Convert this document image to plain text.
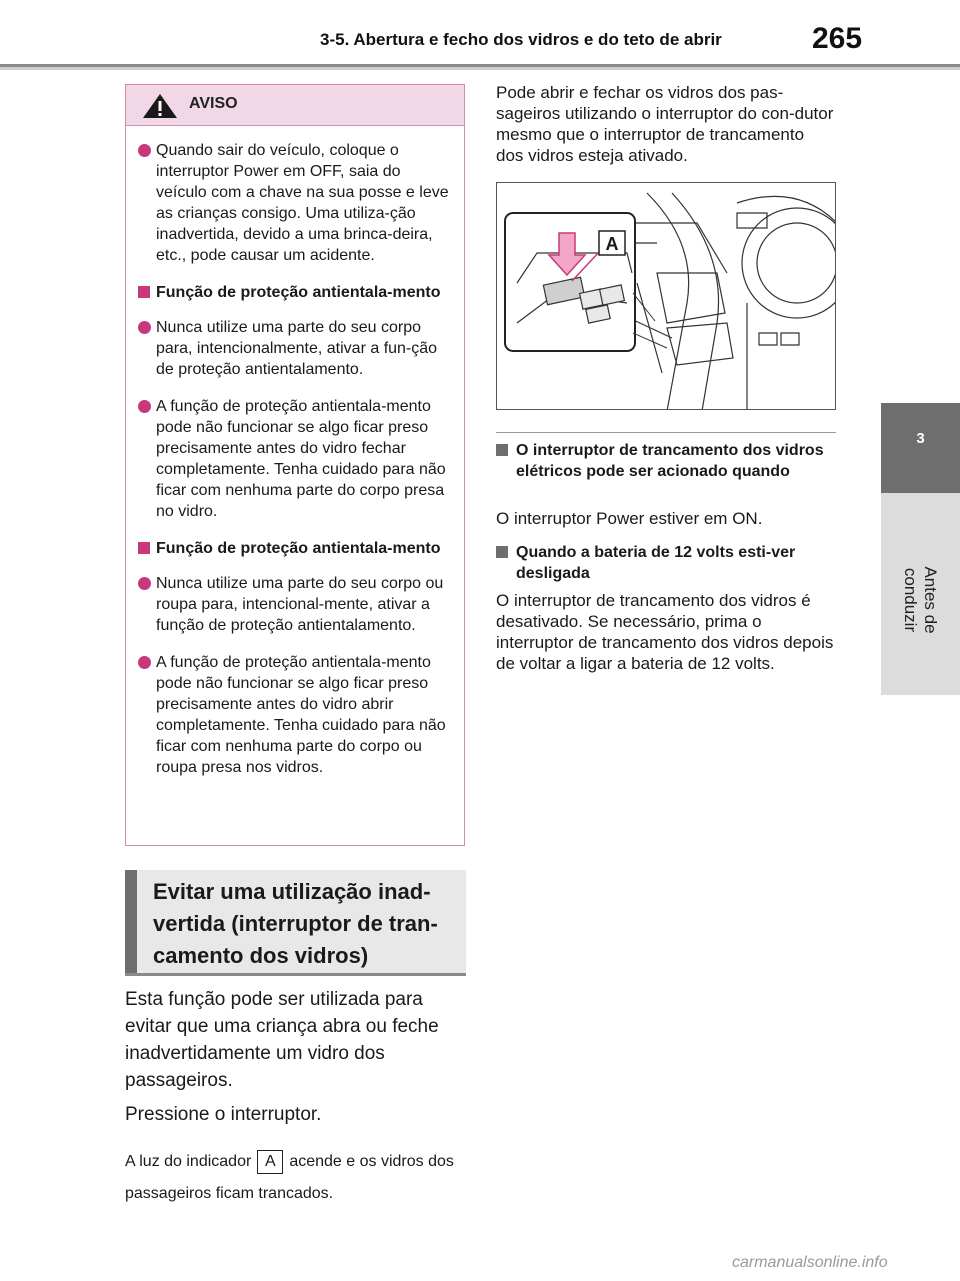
3-5. Abertura e fecho dos vidros e do teto de abrir	265
3
Antes de conduzir
AVISO
Quando sair do veículo, coloque o interruptor Power em OFF, saia do veículo com a chave na sua posse e leve as crianças consigo. Uma utiliza-ção inadvertida, devido a uma brinca-deira, etc., pode causar um acidente.
Função de proteção antientala-mento
Nunca utilize uma parte do seu corpo para, intencionalmente, ativar a fun-ção de proteção antientalamento.
A função de proteção antientala-mento pode não funcionar se algo ficar preso precisamente antes do vidro fechar completamente. Tenha cuidado para não ficar com nenhuma parte do corpo presa no vidro.
Função de proteção antientala-mento
Nunca utilize uma parte do seu corpo ou roupa para, intencional-mente, ativar a função de proteção antientalamento.
A função de proteção antientala-mento pode não funcionar se algo ficar preso precisamente antes do vidro abrir completamente. Tenha cuidado para não ficar com nenhuma parte do corpo ou roupa presa nos vidros.
Evitar uma utilização inad-vertida (interruptor de tran-camento dos vidros)
Esta função pode ser utilizada para evitar que uma criança abra ou feche inadvertidamente um vidro dos passageiros.
Pressione o interruptor.
A luz do indicador A acende e os vidros dos passageiros ficam trancados.
Pode abrir e fechar os vidros dos pas-sageiros utilizando o interruptor do con-dutor mesmo que o interruptor de trancamento dos vidros esteja ativado.
A
O interruptor de trancamento dos vidros elétricos pode ser acionado quando
O interruptor Power estiver em ON.
Quando a bateria de 12 volts esti-ver desligada
O interruptor de trancamento dos vidros é desativado. Se necessário, prima o interruptor de trancamento dos vidros depois de voltar a ligar a bateria de 12 volts.
carmanualsonline.info
